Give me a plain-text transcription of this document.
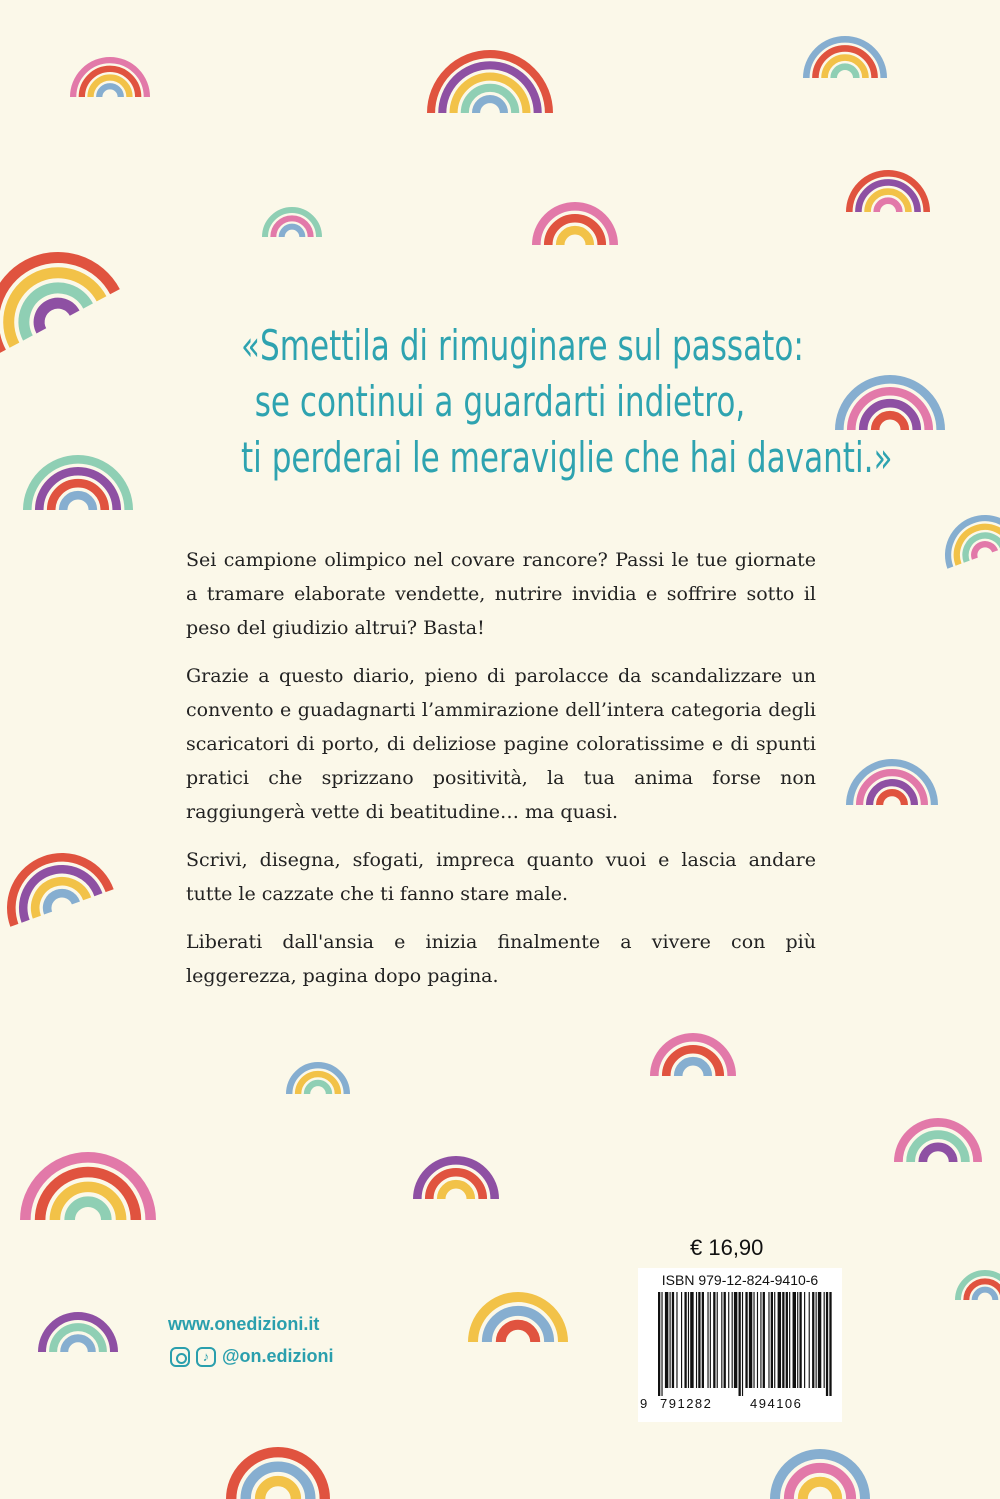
«Smettila di rimuginare sul passato:
se continui a guardarti indietro,
ti perderai le meraviglie che hai davanti.»

Sei campione olimpico nel covare rancore? Passi le tue giornate a tramare elaborate vendette, nutrire invidia e soffrire sotto il peso del giudizio altrui? Basta!

Grazie a questo diario, pieno di parolacce da scandalizzare un convento e guadagnarti l’ammirazione dell’intera categoria degli scaricatori di porto, di deliziose pagine coloratissime e di spunti pratici che sprizzano positività, la tua anima forse non raggiungerà vette di beatitudine… ma quasi.

Scrivi, disegna, sfogati, impreca quanto vuoi e lascia andare tutte le cazzate che ti fanno stare male.

Liberati dall'ansia e inizia finalmente a vivere con più leggerezza, pagina dopo pagina.

€ 16,90
ISBN 979-12-824-9410-6
9 791282	494106
www.onedizioni.it
♪ @on.edizioni
